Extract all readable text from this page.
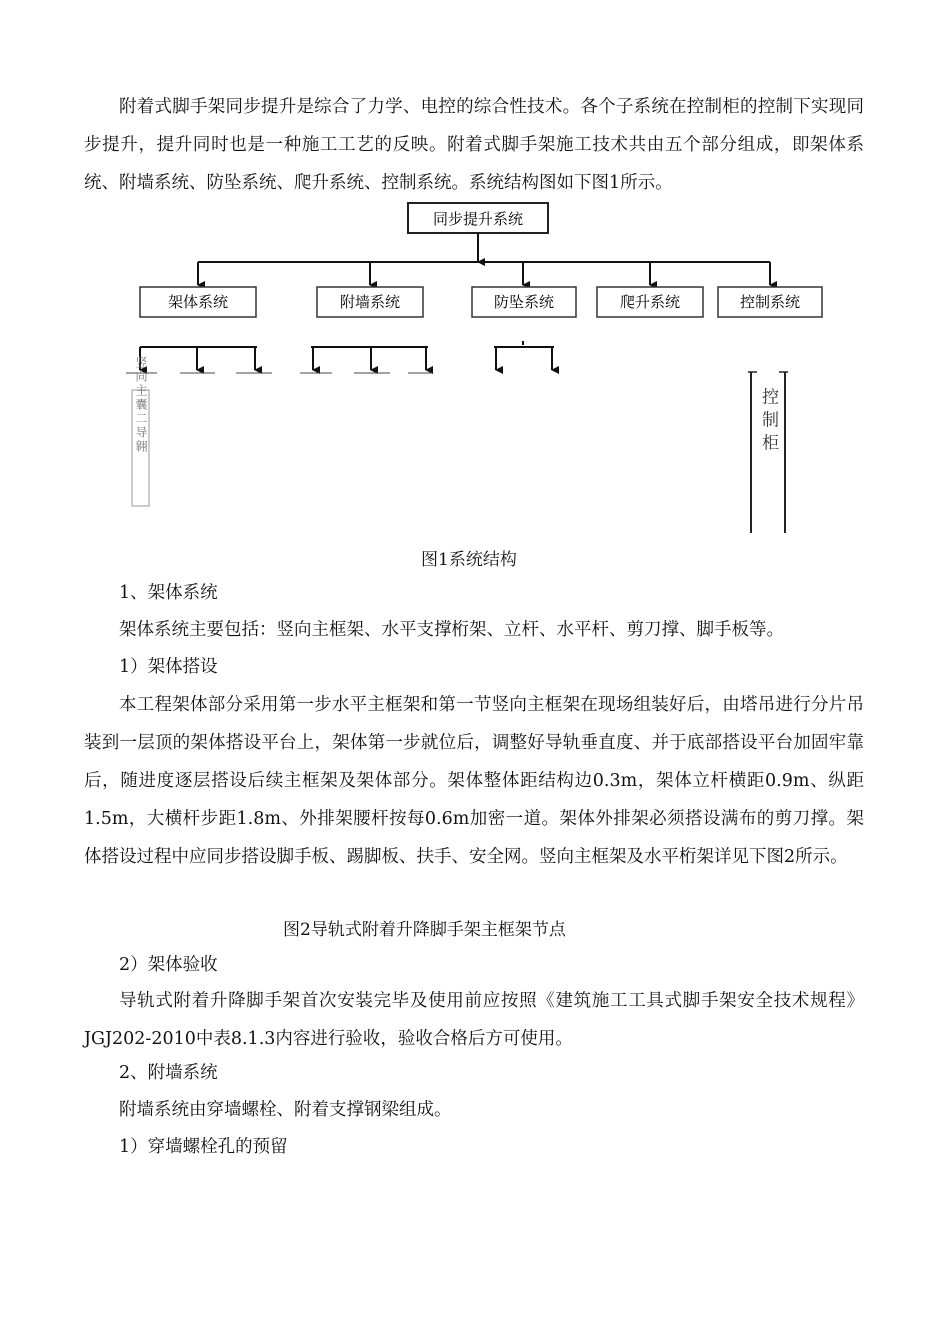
附着式脚手架同步提升是综合了力学、电控的综合性技术。各个子系统在控制柜的控制下实现同步提升，提升同时也是一种施工工艺的反映。附着式脚手架施工技术共由五个部分组成，即架体系统、附墙系统、防坠系统、爬升系统、控制系统。系统结构图如下图1所示。

同步提升系统
架体系统	附墙系统	防坠系统	爬升系统	控制系统
竖向主囊二导翱	控制柜
图1系统结构

1、架体系统

架体系统主要包括：竖向主框架、水平支撑桁架、立杆、水平杆、剪刀撑、脚手板等。

1）架体搭设

本工程架体部分采用第一步水平主框架和第一节竖向主框架在现场组装好后，由塔吊进行分片吊装到一层顶的架体搭设平台上，架体第一步就位后，调整好导轨垂直度、并于底部搭设平台加固牢靠后，随进度逐层搭设后续主框架及架体部分。架体整体距结构边0.3m，架体立杆横距0.9m、纵距1.5m，大横杆步距1.8m、外排架腰杆按每0.6m加密一道。架体外排架必须搭设满布的剪刀撑。架体搭设过程中应同步搭设脚手板、踢脚板、扶手、安全网。竖向主框架及水平桁架详见下图2所示。

图2导轨式附着升降脚手架主框架节点

2）架体验收

导轨式附着升降脚手架首次安装完毕及使用前应按照《建筑施工工具式脚手架安全技术规程》JGJ202-2010中表8.1.3内容进行验收，验收合格后方可使用。

2、附墙系统

附墙系统由穿墙螺栓、附着支撑钢梁组成。

1）穿墙螺栓孔的预留
